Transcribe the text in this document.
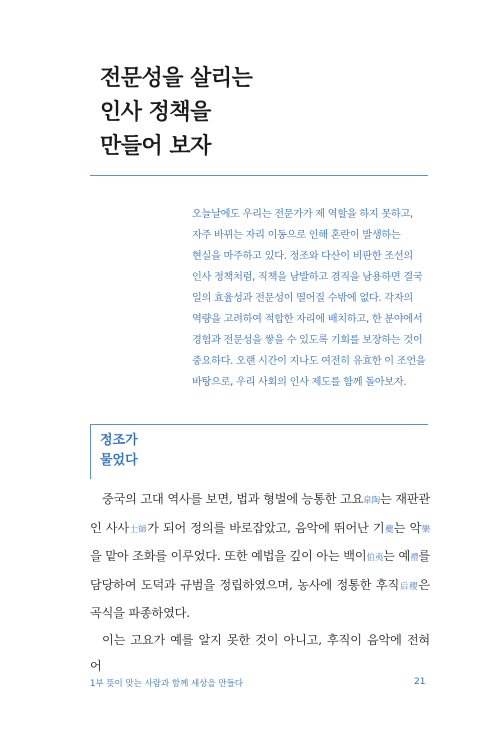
전문성을 살리는
인사 정책을
만들어 보자

오늘날에도 우리는 전문가가 제 역할을 하지 못하고,
자주 바뀌는 자리 이동으로 인해 혼란이 발생하는
현실을 마주하고 있다. 정조와 다산이 비판한 조선의
인사 정책처럼, 직책을 남발하고 겸직을 남용하면 결국
일의 효율성과 전문성이 떨어질 수밖에 없다. 각자의
역량을 고려하여 적합한 자리에 배치하고, 한 분야에서
경험과 전문성을 쌓을 수 있도록 기회를 보장하는 것이
중요하다. 오랜 시간이 지나도 여전히 유효한 이 조언을
바탕으로, 우리 사회의 인사 제도를 함께 돌아보자.

정조가
물었다

중국의 고대 역사를 보면, 법과 형벌에 능통한 고요皐陶는 재판관 인 사사士師가 되어 정의를 바로잡았고, 음악에 뛰어난 기夔는 악樂을 맡아 조화를 이루었다. 또한 예법을 깊이 아는 백이伯夷는 예禮를 담당하여 도덕과 규범을 정립하였으며, 농사에 정통한 후직后稷은 곡식을 파종하였다.

이는 고요가 예를 알지 못한 것이 아니고, 후직이 음악에 전혀 어

1부 뜻이 맞는 사람과 함께 세상을 만들다	21
